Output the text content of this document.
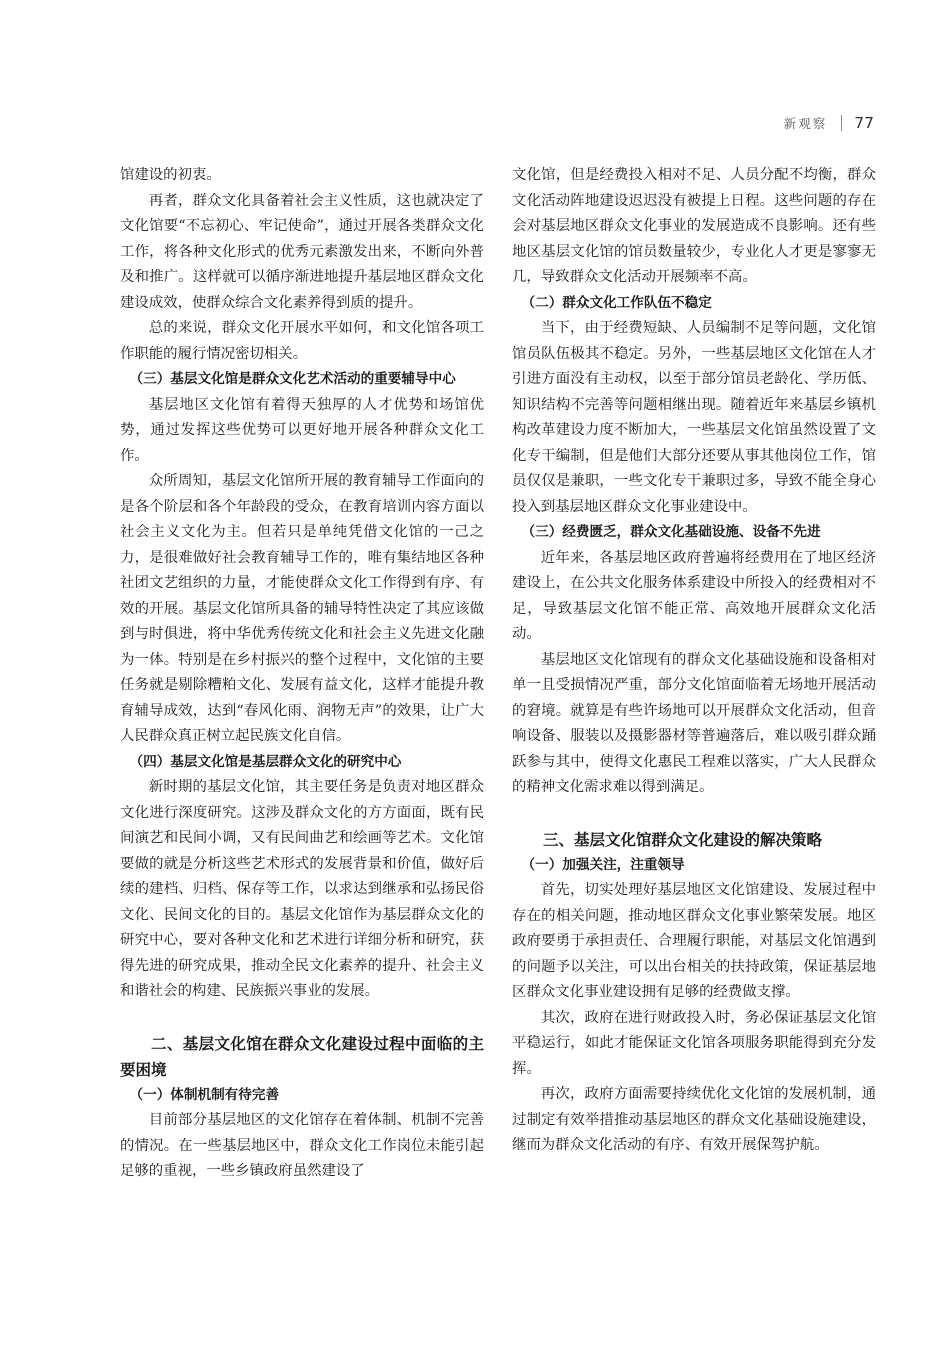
新观察 77

馆建设的初衷。

再者，群众文化具备着社会主义性质，这也就决定了文化馆要“不忘初心、牢记使命”，通过开展各类群众文化工作，将各种文化形式的优秀元素激发出来，不断向外普及和推广。这样就可以循序渐进地提升基层地区群众文化建设成效，使群众综合文化素养得到质的提升。

总的来说，群众文化开展水平如何，和文化馆各项工作职能的履行情况密切相关。

（三）基层文化馆是群众文化艺术活动的重要辅导中心

基层地区文化馆有着得天独厚的人才优势和场馆优势，通过发挥这些优势可以更好地开展各种群众文化工作。

众所周知，基层文化馆所开展的教育辅导工作面向的是各个阶层和各个年龄段的受众，在教育培训内容方面以社会主义文化为主。但若只是单纯凭借文化馆的一己之力，是很难做好社会教育辅导工作的，唯有集结地区各种社团文艺组织的力量，才能使群众文化工作得到有序、有效的开展。基层文化馆所具备的辅导特性决定了其应该做到与时俱进，将中华优秀传统文化和社会主义先进文化融为一体。特别是在乡村振兴的整个过程中，文化馆的主要任务就是剔除糟粕文化、发展有益文化，这样才能提升教育辅导成效，达到“春风化雨、润物无声”的效果，让广大人民群众真正树立起民族文化自信。

（四）基层文化馆是基层群众文化的研究中心

新时期的基层文化馆，其主要任务是负责对地区群众文化进行深度研究。这涉及群众文化的方方面面，既有民间演艺和民间小调，又有民间曲艺和绘画等艺术。文化馆要做的就是分析这些艺术形式的发展背景和价值，做好后续的建档、归档、保存等工作，以求达到继承和弘扬民俗文化、民间文化的目的。基层文化馆作为基层群众文化的研究中心，要对各种文化和艺术进行详细分析和研究，获得先进的研究成果，推动全民文化素养的提升、社会主义和谐社会的构建、民族振兴事业的发展。

二、基层文化馆在群众文化建设过程中面临的主要困境

（一）体制机制有待完善

目前部分基层地区的文化馆存在着体制、机制不完善的情况。在一些基层地区中，群众文化工作岗位未能引起足够的重视，一些乡镇政府虽然建设了

文化馆，但是经费投入相对不足、人员分配不均衡，群众文化活动阵地建设迟迟没有被提上日程。这些问题的存在会对基层地区群众文化事业的发展造成不良影响。还有些地区基层文化馆的馆员数量较少，专业化人才更是寥寥无几，导致群众文化活动开展频率不高。

（二）群众文化工作队伍不稳定

当下，由于经费短缺、人员编制不足等问题，文化馆馆员队伍极其不稳定。另外，一些基层地区文化馆在人才引进方面没有主动权，以至于部分馆员老龄化、学历低、知识结构不完善等问题相继出现。随着近年来基层乡镇机构改革建设力度不断加大，一些基层文化馆虽然设置了文化专干编制，但是他们大部分还要从事其他岗位工作，馆员仅仅是兼职，一些文化专干兼职过多，导致不能全身心投入到基层地区群众文化事业建设中。

（三）经费匮乏，群众文化基础设施、设备不先进

近年来，各基层地区政府普遍将经费用在了地区经济建设上，在公共文化服务体系建设中所投入的经费相对不足，导致基层文化馆不能正常、高效地开展群众文化活动。

基层地区文化馆现有的群众文化基础设施和设备相对单一且受损情况严重，部分文化馆面临着无场地开展活动的窘境。就算是有些许场地可以开展群众文化活动，但音响设备、服装以及摄影器材等普遍落后，难以吸引群众踊跃参与其中，使得文化惠民工程难以落实，广大人民群众的精神文化需求难以得到满足。

三、基层文化馆群众文化建设的解决策略

（一）加强关注，注重领导

首先，切实处理好基层地区文化馆建设、发展过程中存在的相关问题，推动地区群众文化事业繁荣发展。地区政府要勇于承担责任、合理履行职能，对基层文化馆遇到的问题予以关注，可以出台相关的扶持政策，保证基层地区群众文化事业建设拥有足够的经费做支撑。

其次，政府在进行财政投入时，务必保证基层文化馆平稳运行，如此才能保证文化馆各项服务职能得到充分发挥。

再次，政府方面需要持续优化文化馆的发展机制，通过制定有效举措推动基层地区的群众文化基础设施建设，继而为群众文化活动的有序、有效开展保驾护航。
